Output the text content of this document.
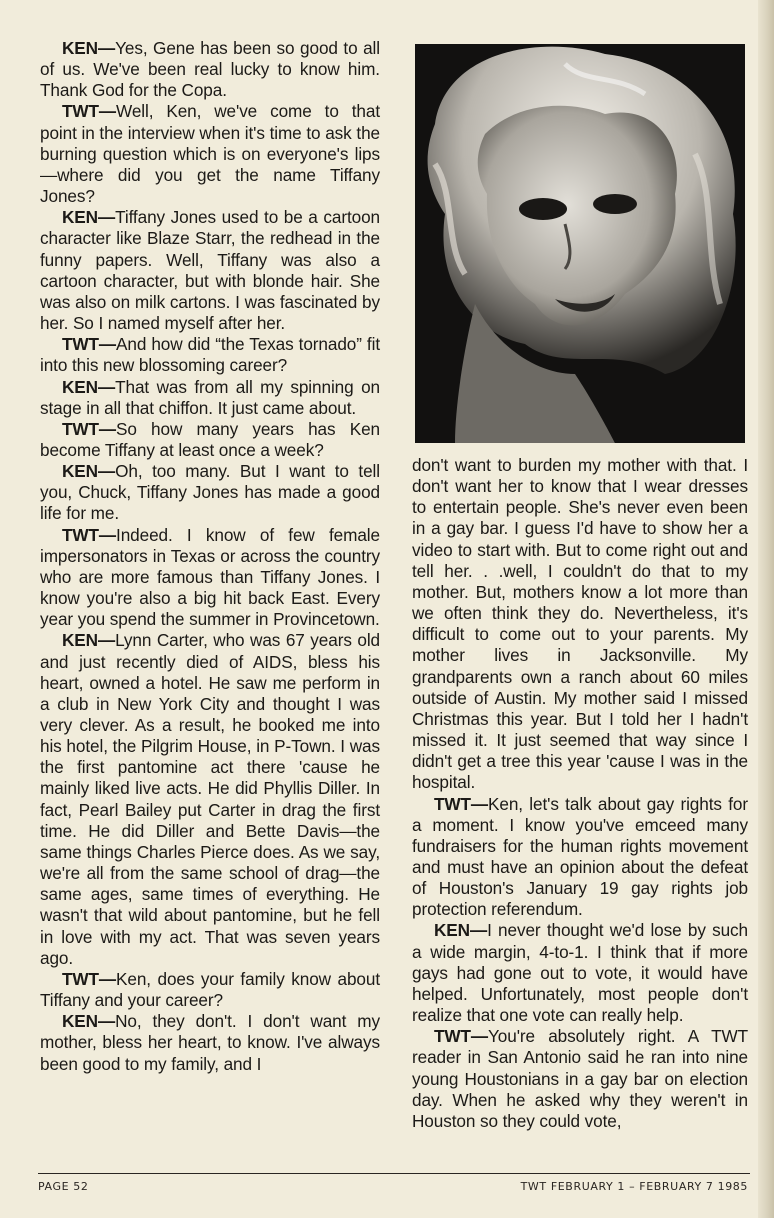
KEN—Yes, Gene has been so good to all of us. We've been real lucky to know him. Thank God for the Copa.

TWT—Well, Ken, we've come to that point in the interview when it's time to ask the burning question which is on everyone's lips—where did you get the name Tiffany Jones?

KEN—Tiffany Jones used to be a cartoon character like Blaze Starr, the redhead in the funny papers. Well, Tiffany was also a cartoon character, but with blonde hair. She was also on milk cartons. I was fascinated by her. So I named myself after her.

TWT—And how did “the Texas tornado” fit into this new blossoming career?

KEN—That was from all my spinning on stage in all that chiffon. It just came about.

TWT—So how many years has Ken become Tiffany at least once a week?

KEN—Oh, too many. But I want to tell you, Chuck, Tiffany Jones has made a good life for me.

TWT—Indeed. I know of few female impersonators in Texas or across the country who are more famous than Tiffany Jones. I know you're also a big hit back East. Every year you spend the summer in Provincetown.

KEN—Lynn Carter, who was 67 years old and just recently died of AIDS, bless his heart, owned a hotel. He saw me perform in a club in New York City and thought I was very clever. As a result, he booked me into his hotel, the Pilgrim House, in P-Town. I was the first pantomine act there 'cause he mainly liked live acts. He did Phyllis Diller. In fact, Pearl Bailey put Carter in drag the first time. He did Diller and Bette Davis—the same things Charles Pierce does. As we say, we're all from the same school of drag—the same ages, same times of everything. He wasn't that wild about pantomine, but he fell in love with my act. That was seven years ago.

TWT—Ken, does your family know about Tiffany and your career?

KEN—No, they don't. I don't want my mother, bless her heart, to know. I've always been good to my family, and I

don't want to burden my mother with that. I don't want her to know that I wear dresses to entertain people. She's never even been in a gay bar. I guess I'd have to show her a video to start with. But to come right out and tell her. . .well, I couldn't do that to my mother. But, mothers know a lot more than we often think they do. Nevertheless, it's difficult to come out to your parents. My mother lives in Jacksonville. My grandparents own a ranch about 60 miles outside of Austin. My mother said I missed Christmas this year. But I told her I hadn't missed it. It just seemed that way since I didn't get a tree this year 'cause I was in the hospital.

TWT—Ken, let's talk about gay rights for a moment. I know you've emceed many fundraisers for the human rights movement and must have an opinion about the defeat of Houston's January 19 gay rights job protection referendum.

KEN—I never thought we'd lose by such a wide margin, 4-to-1. I think that if more gays had gone out to vote, it would have helped. Unfortunately, most people don't realize that one vote can really help.

TWT—You're absolutely right. A TWT reader in San Antonio said he ran into nine young Houstonians in a gay bar on election day. When he asked why they weren't in Houston so they could vote,

PAGE 52	TWT FEBRUARY 1 – FEBRUARY 7 1985
